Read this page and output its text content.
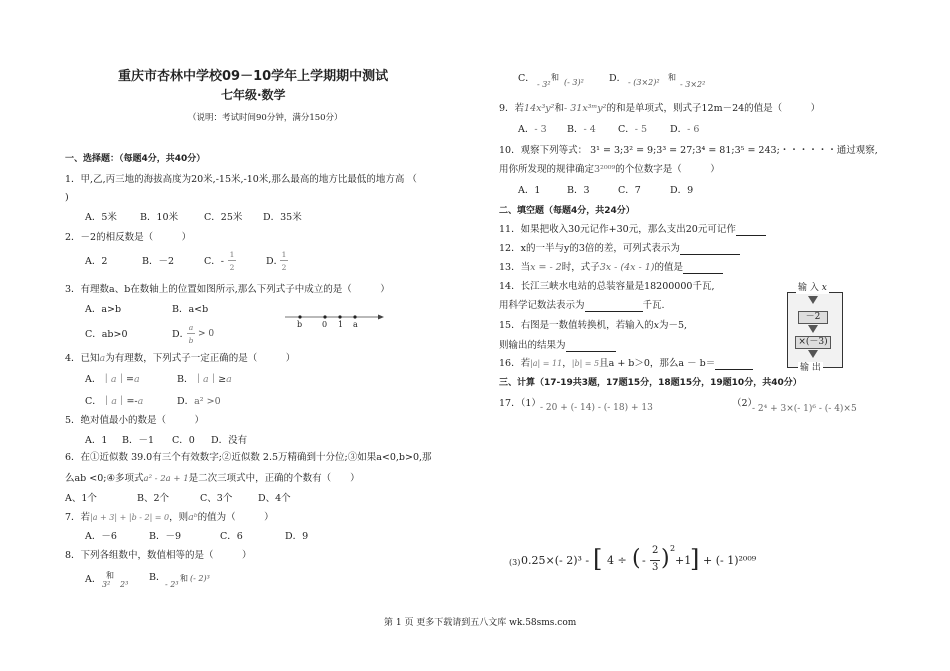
重庆市杏林中学校09－10学年上学期期中测试
七年级·数学
（说明：考试时间90分钟，满分150分）
一、选择题：（每题4分，共40分）
1．甲,乙,丙三地的海拔高度为20米,-15米,-10米,那么最高的地方比最低的地方高 （
)
A．5米 B．10米	C．25米 D．35米
2．－2的相反数是（　　　）
A．2	B．－2	C．-
1
2
D．
1
2
3．有理数a、b在数轴上的位置如图所示,那么下列式子中成立的是（　　　）
A．a>b	B．a<b
C．ab>0	D．
a
b
> 0
b 0 1 a
4．已知a为有理数，下列式子一定正确的是（　　　）
A．｜a｜=a	B．｜a｜≥a
C．｜a｜=-a	D．a² >0
5．绝对值最小的数是（　　　）
A．1 B．－1 C．0 D．没有
6．在①近似数 39.0有三个有效数字;②近似数 2.5万精确到十分位;③如果a<0,b>0,那
么ab <0;④多项式a² - 2a + 1是二次三项式中，正确的个数有（　　）
A、1个	B、2个	C、3个	D、4个
7．若|a + 3| + |b - 2| = 0，则aᵇ的值为（　　　）
A．－6	B．－9	C．6	D．9
8．下列各组数中，数值相等的是（　　　）
A． 3²
和
2³
B．
- 2³
和 (- 2)³
C．
- 3²
和
(- 3)²	D． - (3×2)²
和
- 3×2²
9．若14x³y²和- 31x³ᵐy²的和是单项式，则式子12m－24的值是（　　　）
A．- 3 B．- 4 C．- 5 D．- 6
10．观察下列等式： 3¹ = 3;3² = 9;3³ = 27;3⁴ = 81;3⁵ = 243;・・・・・・通过观察,
用你所发现的规律确定3²⁰⁰⁹的个位数字是（　　　）
A．1	B．3	C．7	D．9
二、填空题（每题4分，共24分）
11．如果把收入30元记作+30元，那么支出20元可记作
12．x的一半与y的3倍的差，可列式表示为
13．当x = - 2时，式子3x - (4x - 1)的值是
14．长江三峡水电站的总装容量是18200000千瓦,
用科学记数法表示为	千瓦.
15．右图是一数值转换机，若输入的x为－5,
则输出的结果为
16．若|a| = 11，|b| = 5且a + b＞0，那么a － b＝
输 入 x
－2
×(－3)
输 出
三、计算（17-19共3题，17题15分，18题15分，19题10分，共40分）
17．（1） - 20 + (- 14) - (- 18) + 13	（2）
- 2⁴ + 3×(- 1)⁶ - (- 4)×5
(3) 0.25×(- 2)³ - [ 4 ÷ ( -
2
3 ) 2
+1
] + (- 1)²⁰⁰⁹
第 1 页 更多下载请到五八文库 wk.58sms.com
